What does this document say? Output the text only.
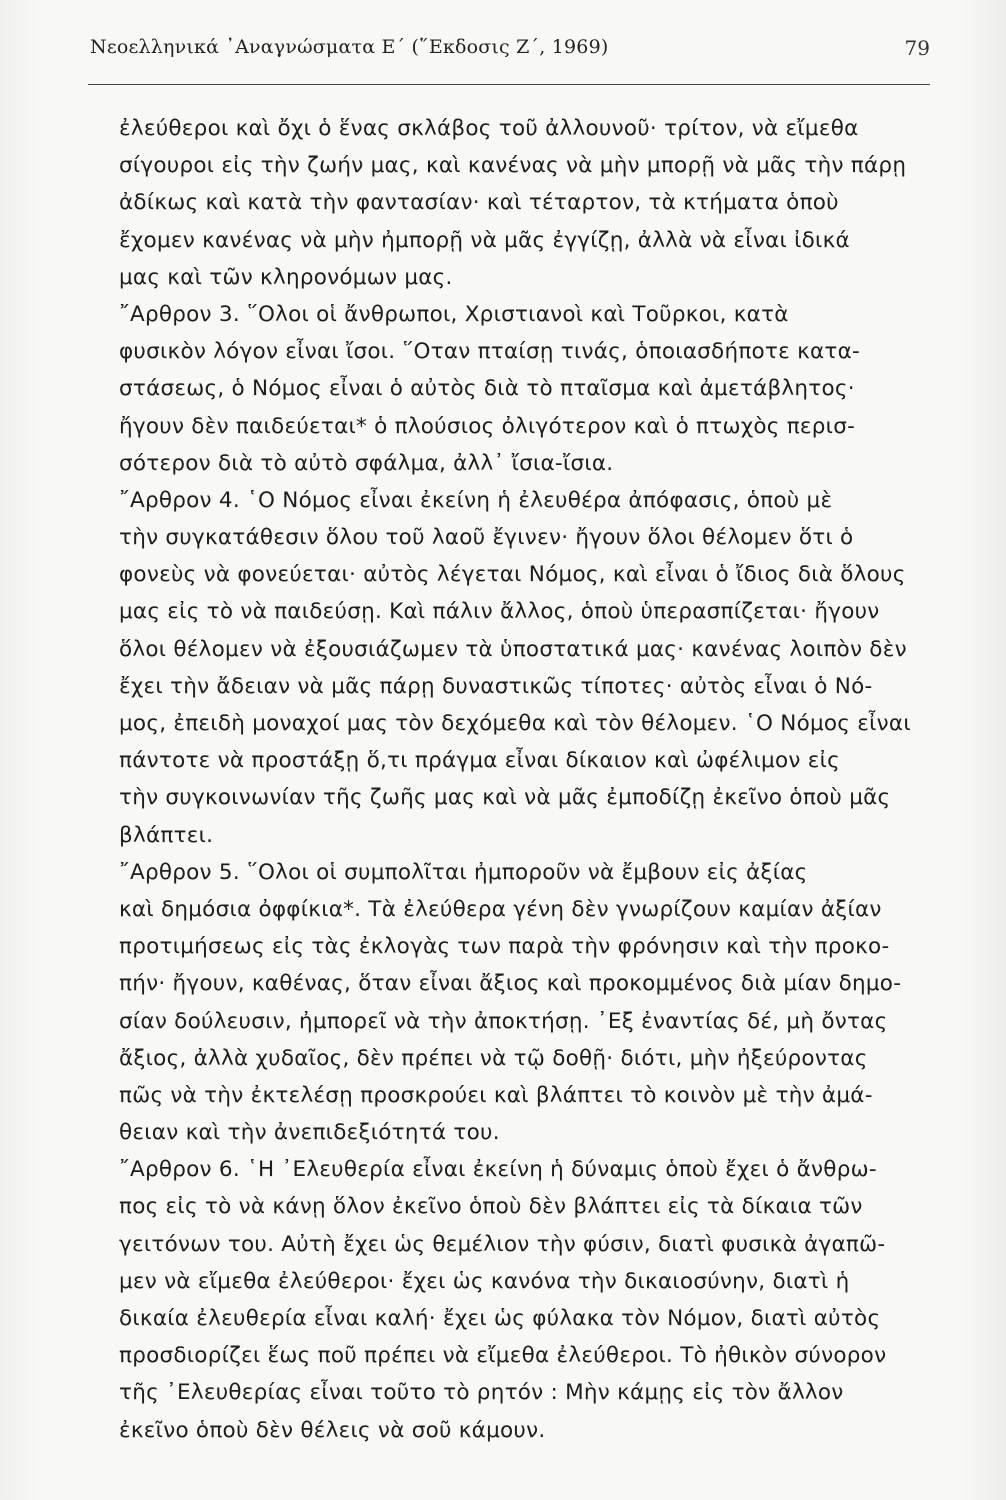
Νεοελληνικά ᾿Αναγνώσματα Ε΄ (῞Εκδοσις Ζ΄, 1969)	79
ἐλεύθεροι καὶ ὄχι ὁ ἕνας σκλάβος τοῦ ἀλλουνοῦ· τρίτον, νὰ εἴμεθα
σίγουροι εἰς τὴν ζωήν μας, καὶ κανένας νὰ μὴν μπορῇ νὰ μᾶς τὴν πάρῃ
ἀδίκως καὶ κατὰ τὴν φαντασίαν· καὶ τέταρτον, τὰ κτήματα ὁποὺ
ἔχομεν κανένας νὰ μὴν ἠμπορῇ νὰ μᾶς ἐγγίζῃ, ἀλλὰ νὰ εἶναι ἰδικά
μας καὶ τῶν κληρονόμων μας.
῎Αρθρον 3. ῞Ολοι οἱ ἄνθρωποι, Χριστιανοὶ καὶ Τοῦρκοι, κατὰ
φυσικὸν λόγον εἶναι ἴσοι. ῞Οταν πταίσῃ τινάς, ὁποιασδήποτε κατα-
στάσεως, ὁ Νόμος εἶναι ὁ αὐτὸς διὰ τὸ πταῖσμα καὶ ἀμετάβλητος·
ἤγουν δὲν παιδεύεται* ὁ πλούσιος ὀλιγότερον καὶ ὁ πτωχὸς περισ-
σότερον διὰ τὸ αὐτὸ σφάλμα, ἀλλ᾿ ἴσια-ἴσια.
῎Αρθρον 4. ῾Ο Νόμος εἶναι ἐκείνη ἡ ἐλευθέρα ἀπόφασις, ὁποὺ μὲ
τὴν συγκατάθεσιν ὅλου τοῦ λαοῦ ἔγινεν· ἤγουν ὅλοι θέλομεν ὅτι ὁ
φονεὺς νὰ φονεύεται· αὐτὸς λέγεται Νόμος, καὶ εἶναι ὁ ἴδιος διὰ ὅλους
μας εἰς τὸ νὰ παιδεύσῃ. Καὶ πάλιν ἄλλος, ὁποὺ ὑπερασπίζεται· ἤγουν
ὅλοι θέλομεν νὰ ἐξουσιάζωμεν τὰ ὑποστατικά μας· κανένας λοιπὸν δὲν
ἔχει τὴν ἄδειαν νὰ μᾶς πάρῃ δυναστικῶς τίποτες· αὐτὸς εἶναι ὁ Νό-
μος, ἐπειδὴ μοναχοί μας τὸν δεχόμεθα καὶ τὸν θέλομεν. ῾Ο Νόμος εἶναι
πάντοτε νὰ προστάξῃ ὅ,τι πράγμα εἶναι δίκαιον καὶ ὠφέλιμον εἰς
τὴν συγκοινωνίαν τῆς ζωῆς μας καὶ νὰ μᾶς ἐμποδίζῃ ἐκεῖνο ὁποὺ μᾶς
βλάπτει.
῎Αρθρον 5. ῞Ολοι οἱ συμπολῖται ἠμποροῦν νὰ ἔμβουν εἰς ἀξίας
καὶ δημόσια ὀφφίκια*. Τὰ ἐλεύθερα γένη δὲν γνωρίζουν καμίαν ἀξίαν
προτιμήσεως εἰς τὰς ἐκλογὰς των παρὰ τὴν φρόνησιν καὶ τὴν προκο-
πήν· ἤγουν, καθένας, ὅταν εἶναι ἄξιος καὶ προκομμένος διὰ μίαν δημο-
σίαν δούλευσιν, ἠμπορεῖ νὰ τὴν ἀποκτήσῃ. ᾿Εξ ἐναντίας δέ, μὴ ὄντας
ἄξιος, ἀλλὰ χυδαῖος, δὲν πρέπει νὰ τῷ δοθῇ· διότι, μὴν ἠξεύροντας
πῶς νὰ τὴν ἐκτελέσῃ προσκρούει καὶ βλάπτει τὸ κοινὸν μὲ τὴν ἀμά-
θειαν καὶ τὴν ἀνεπιδεξιότητά του.
῎Αρθρον 6. ῾Η ᾿Ελευθερία εἶναι ἐκείνη ἡ δύναμις ὁποὺ ἔχει ὁ ἄνθρω-
πος εἰς τὸ νὰ κάνῃ ὅλον ἐκεῖνο ὁποὺ δὲν βλάπτει εἰς τὰ δίκαια τῶν
γειτόνων του. Αὐτὴ ἔχει ὡς θεμέλιον τὴν φύσιν, διατὶ φυσικὰ ἀγαπῶ-
μεν νὰ εἴμεθα ἐλεύθεροι· ἔχει ὡς κανόνα τὴν δικαιοσύνην, διατὶ ἡ
δικαία ἐλευθερία εἶναι καλή· ἔχει ὡς φύλακα τὸν Νόμον, διατὶ αὐτὸς
προσδιορίζει ἕως ποῦ πρέπει νὰ εἴμεθα ἐλεύθεροι. Τὸ ἠθικὸν σύνορον
τῆς ᾿Ελευθερίας εἶναι τοῦτο τὸ ρητόν : Μὴν κάμῃς εἰς τὸν ἄλλον
ἐκεῖνο ὁποὺ δὲν θέλεις νὰ σοῦ κάμουν.
